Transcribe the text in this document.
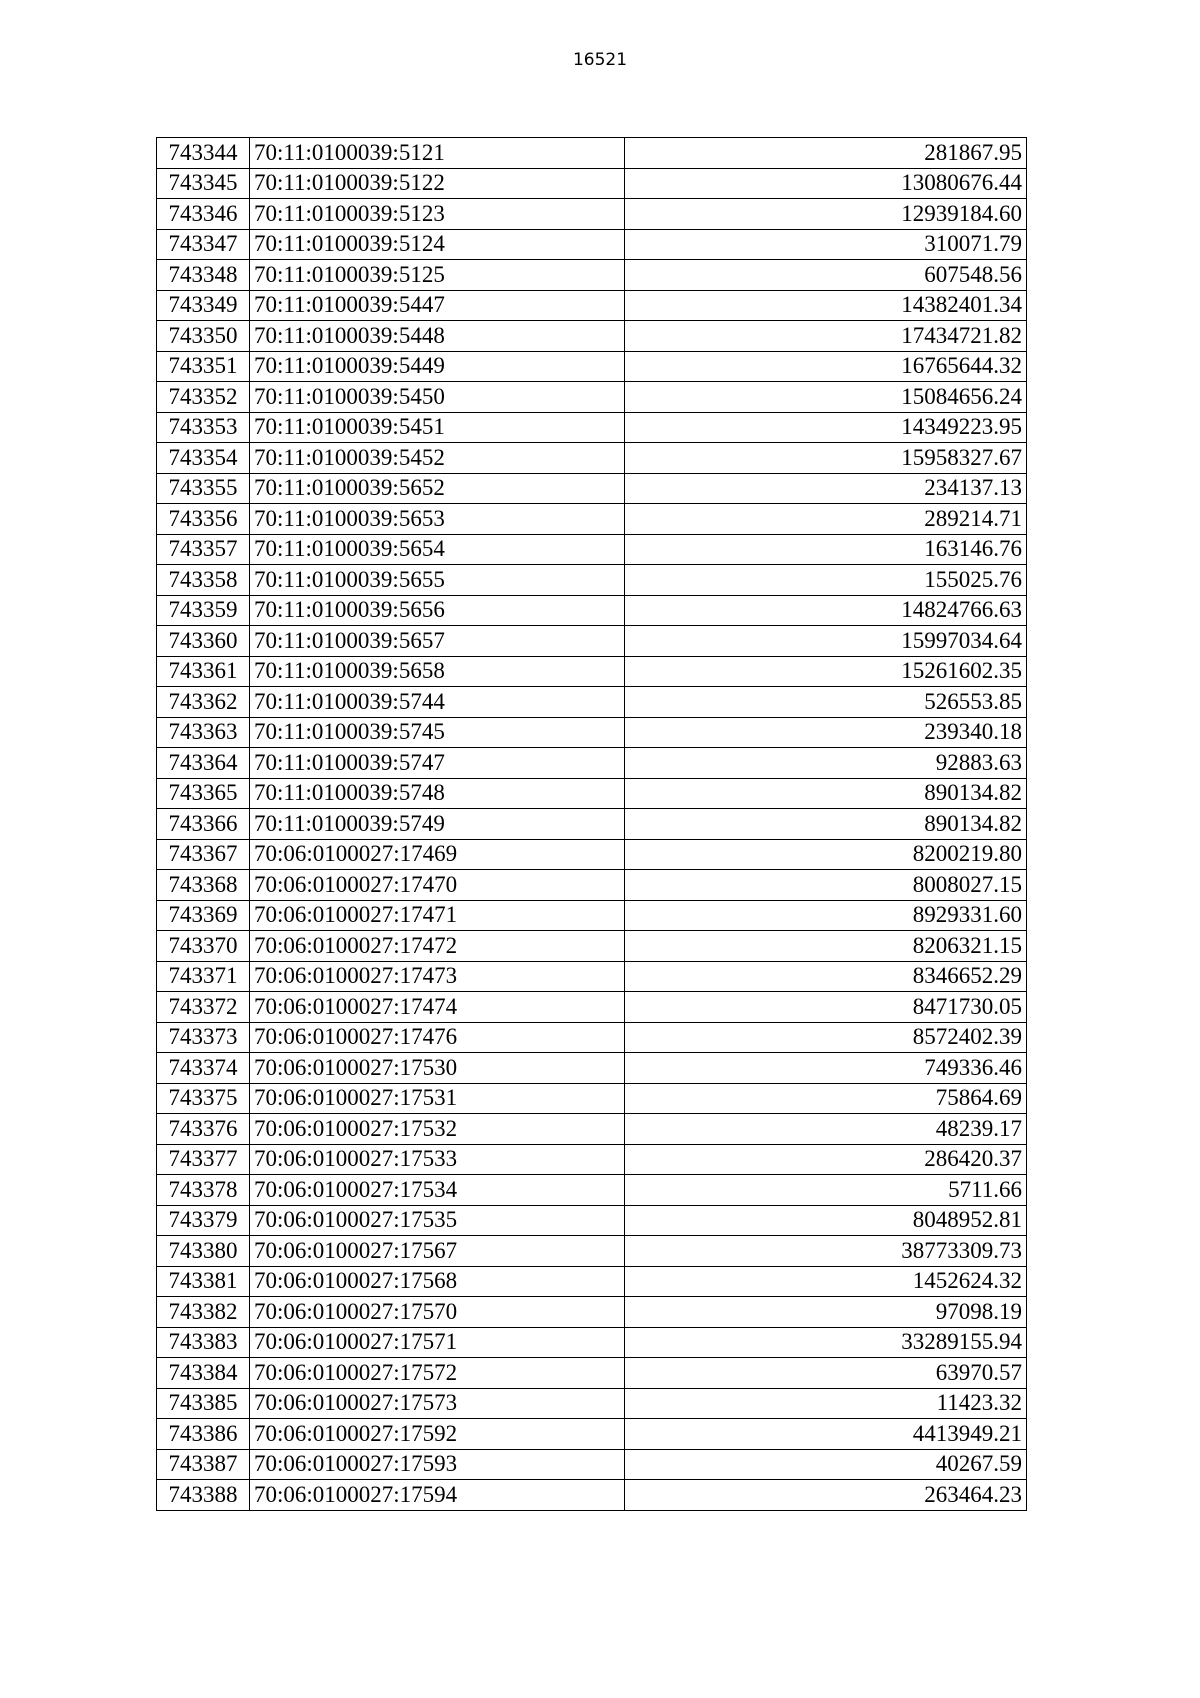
16521
743344	70:11:0100039:5121	281867.95
743345	70:11:0100039:5122	13080676.44
743346	70:11:0100039:5123	12939184.60
743347	70:11:0100039:5124	310071.79
743348	70:11:0100039:5125	607548.56
743349	70:11:0100039:5447	14382401.34
743350	70:11:0100039:5448	17434721.82
743351	70:11:0100039:5449	16765644.32
743352	70:11:0100039:5450	15084656.24
743353	70:11:0100039:5451	14349223.95
743354	70:11:0100039:5452	15958327.67
743355	70:11:0100039:5652	234137.13
743356	70:11:0100039:5653	289214.71
743357	70:11:0100039:5654	163146.76
743358	70:11:0100039:5655	155025.76
743359	70:11:0100039:5656	14824766.63
743360	70:11:0100039:5657	15997034.64
743361	70:11:0100039:5658	15261602.35
743362	70:11:0100039:5744	526553.85
743363	70:11:0100039:5745	239340.18
743364	70:11:0100039:5747	92883.63
743365	70:11:0100039:5748	890134.82
743366	70:11:0100039:5749	890134.82
743367	70:06:0100027:17469	8200219.80
743368	70:06:0100027:17470	8008027.15
743369	70:06:0100027:17471	8929331.60
743370	70:06:0100027:17472	8206321.15
743371	70:06:0100027:17473	8346652.29
743372	70:06:0100027:17474	8471730.05
743373	70:06:0100027:17476	8572402.39
743374	70:06:0100027:17530	749336.46
743375	70:06:0100027:17531	75864.69
743376	70:06:0100027:17532	48239.17
743377	70:06:0100027:17533	286420.37
743378	70:06:0100027:17534	5711.66
743379	70:06:0100027:17535	8048952.81
743380	70:06:0100027:17567	38773309.73
743381	70:06:0100027:17568	1452624.32
743382	70:06:0100027:17570	97098.19
743383	70:06:0100027:17571	33289155.94
743384	70:06:0100027:17572	63970.57
743385	70:06:0100027:17573	11423.32
743386	70:06:0100027:17592	4413949.21
743387	70:06:0100027:17593	40267.59
743388	70:06:0100027:17594	263464.23
